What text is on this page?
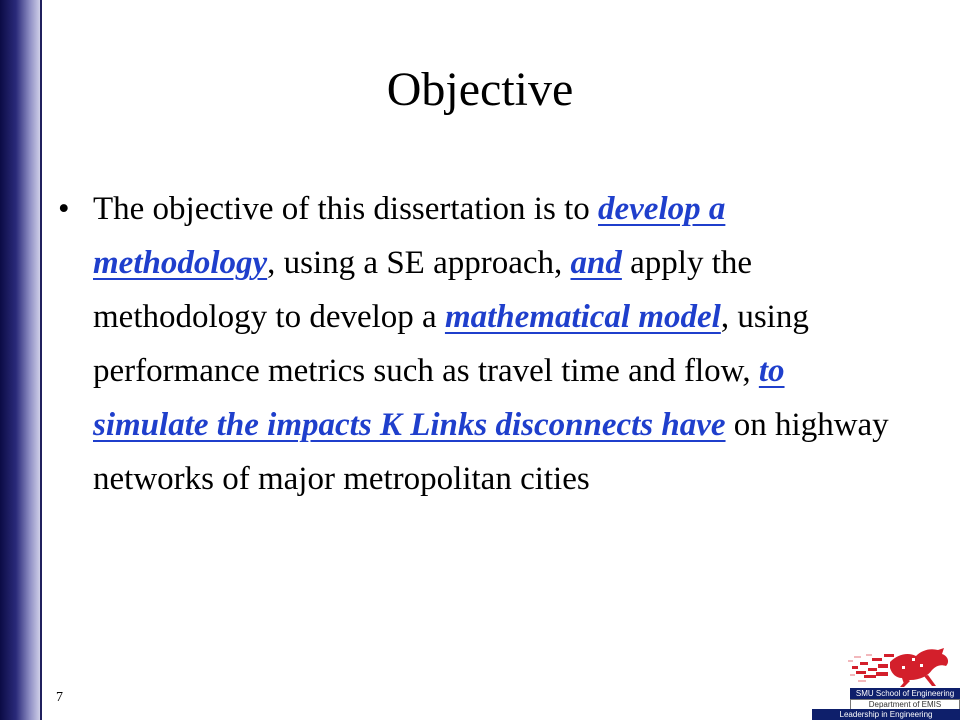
Objective
• The objective of this dissertation is to develop a methodology, using a SE approach, and apply the methodology to develop a mathematical model, using performance metrics such as travel time and flow, to simulate the impacts K Links disconnects have on highway networks of major metropolitan cities
7	SMU School of Engineering
Department of EMIS
Leadership in Engineering
